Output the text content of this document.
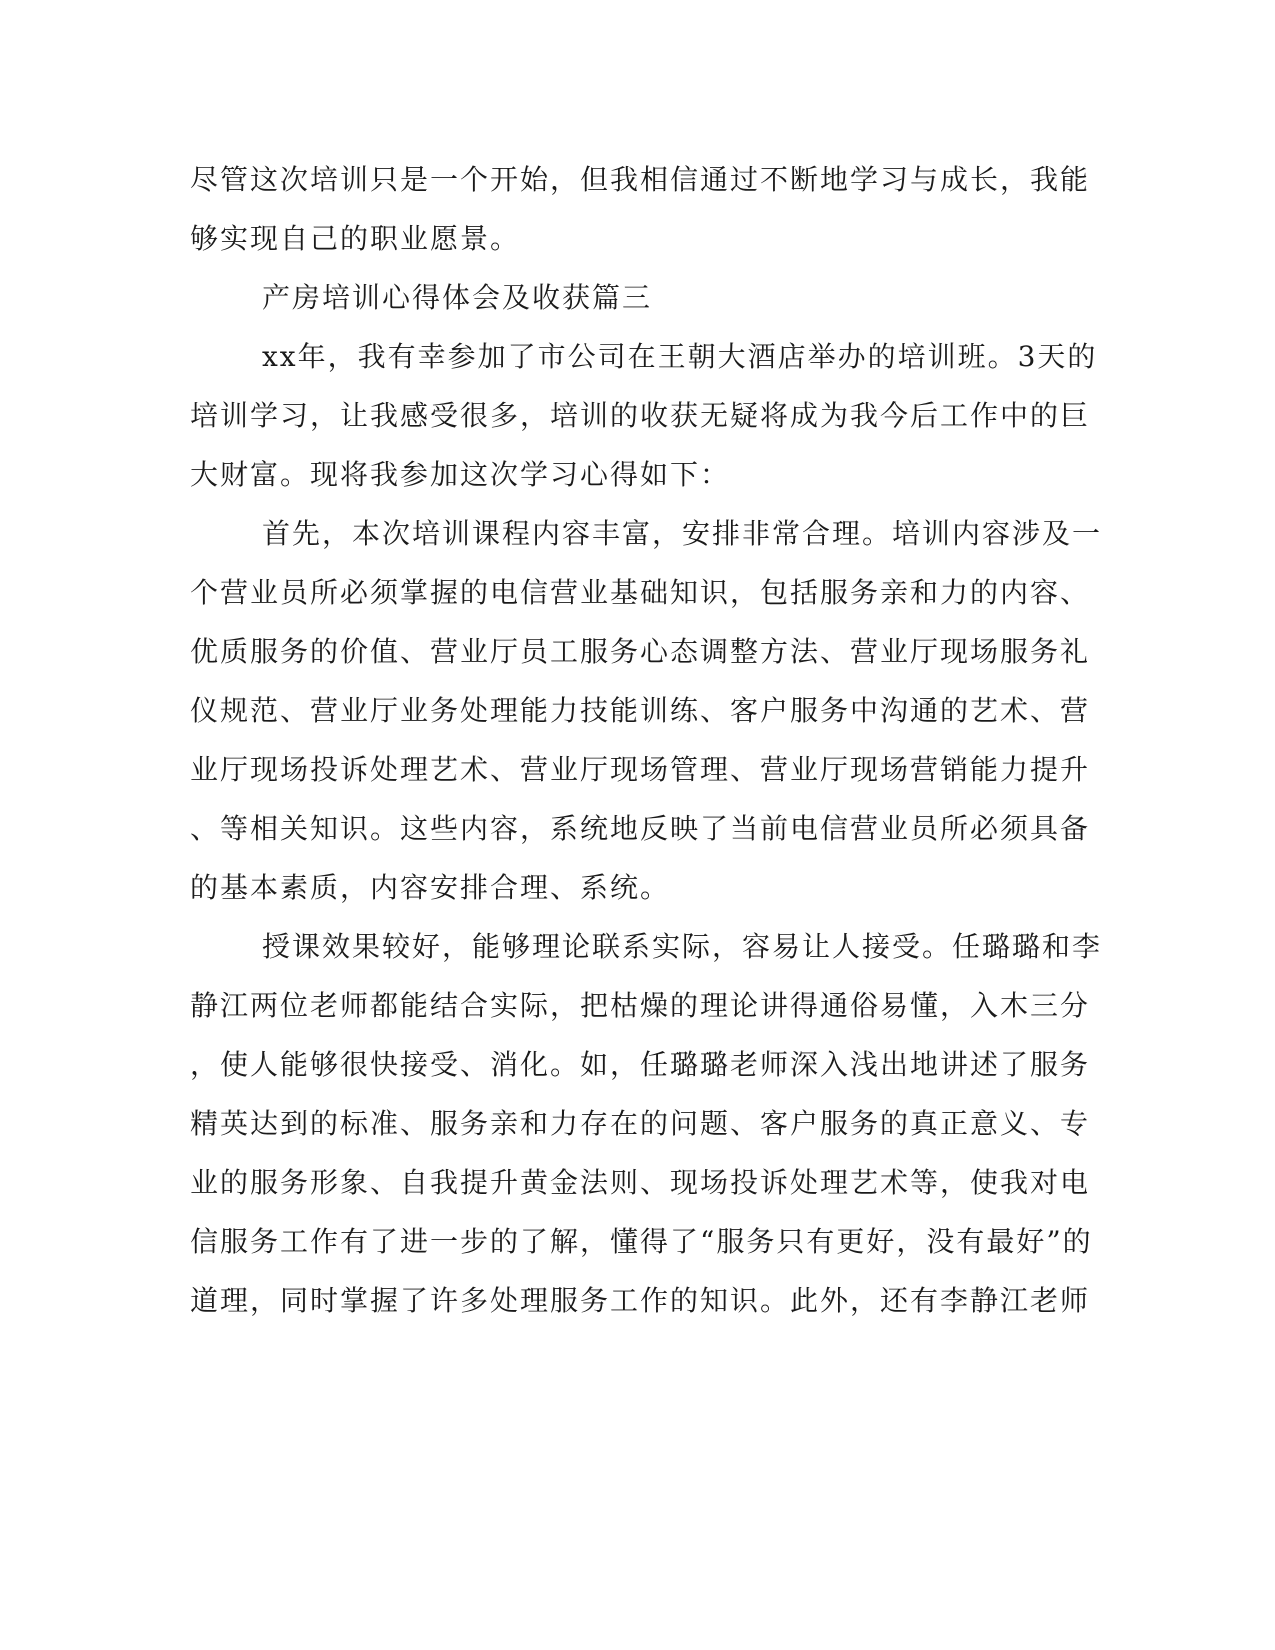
尽管这次培训只是一个开始，但我相信通过不断地学习与成长，我能

够实现自己的职业愿景。

产房培训心得体会及收获篇三

xx年，我有幸参加了市公司在王朝大酒店举办的培训班。3天的

培训学习，让我感受很多，培训的收获无疑将成为我今后工作中的巨

大财富。现将我参加这次学习心得如下：

首先，本次培训课程内容丰富，安排非常合理。培训内容涉及一

个营业员所必须掌握的电信营业基础知识，包括服务亲和力的内容、

优质服务的价值、营业厅员工服务心态调整方法、营业厅现场服务礼

仪规范、营业厅业务处理能力技能训练、客户服务中沟通的艺术、营

业厅现场投诉处理艺术、营业厅现场管理、营业厅现场营销能力提升

、等相关知识。这些内容，系统地反映了当前电信营业员所必须具备

的基本素质，内容安排合理、系统。

授课效果较好，能够理论联系实际，容易让人接受。任璐璐和李

静江两位老师都能结合实际，把枯燥的理论讲得通俗易懂，入木三分

，使人能够很快接受、消化。如，任璐璐老师深入浅出地讲述了服务

精英达到的标准、服务亲和力存在的问题、客户服务的真正意义、专

业的服务形象、自我提升黄金法则、现场投诉处理艺术等，使我对电

信服务工作有了进一步的了解，懂得了“服务只有更好，没有最好”的

道理，同时掌握了许多处理服务工作的知识。此外，还有李静江老师
